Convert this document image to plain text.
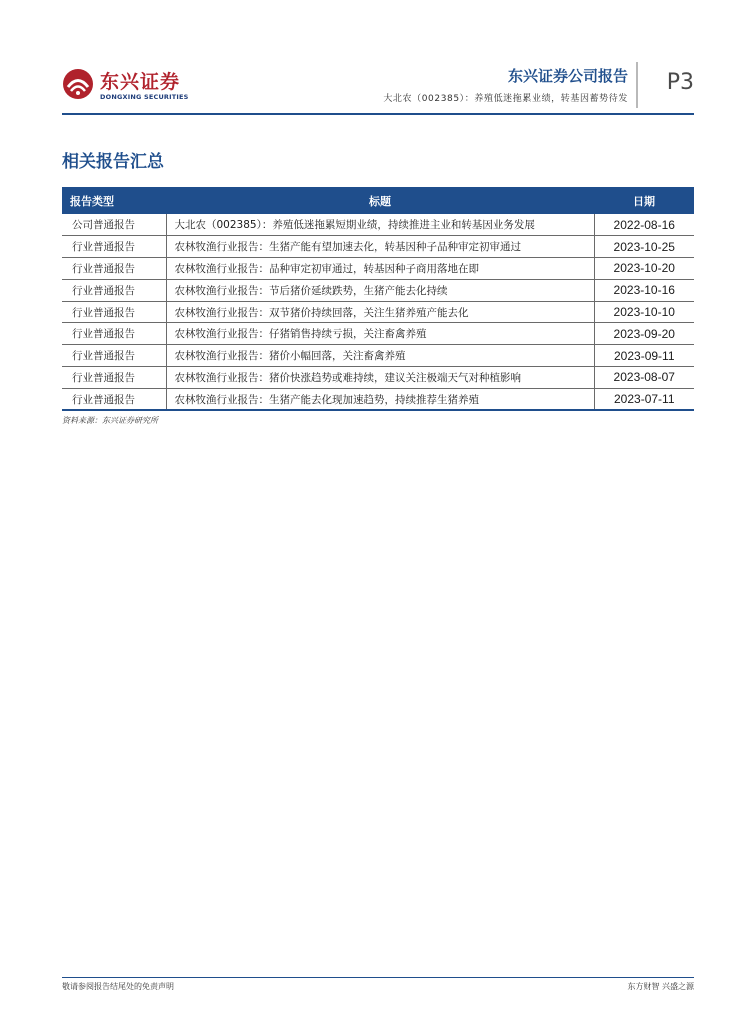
东兴证券
DONGXING SECURITIES
东兴证券公司报告
大北农（002385）：养殖低迷拖累业绩，转基因蓄势待发
P3
相关报告汇总
报告类型	标题	日期
公司普通报告	大北农（002385）：养殖低迷拖累短期业绩，持续推进主业和转基因业务发展	2022-08-16
行业普通报告	农林牧渔行业报告：生猪产能有望加速去化，转基因种子品种审定初审通过	2023-10-25
行业普通报告	农林牧渔行业报告：品种审定初审通过，转基因种子商用落地在即	2023-10-20
行业普通报告	农林牧渔行业报告：节后猪价延续跌势，生猪产能去化持续	2023-10-16
行业普通报告	农林牧渔行业报告：双节猪价持续回落，关注生猪养殖产能去化	2023-10-10
行业普通报告	农林牧渔行业报告：仔猪销售持续亏损，关注畜禽养殖	2023-09-20
行业普通报告	农林牧渔行业报告：猪价小幅回落，关注畜禽养殖	2023-09-11
行业普通报告	农林牧渔行业报告：猪价快涨趋势或难持续，建议关注极端天气对种植影响	2023-08-07
行业普通报告	农林牧渔行业报告：生猪产能去化现加速趋势，持续推荐生猪养殖	2023-07-11
资料来源：东兴证券研究所
敬请参阅报告结尾处的免责声明	东方财智 兴盛之源
